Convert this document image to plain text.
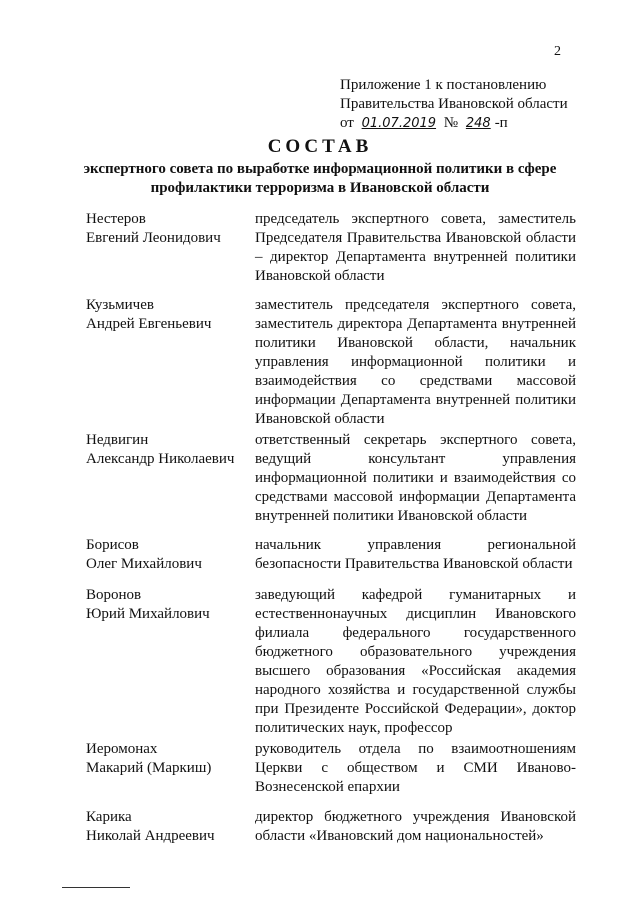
2
Приложение 1 к постановлению
Правительства Ивановской области
от 01.07.2019 № 248 -п
СОСТАВ
экспертного совета по выработке информационной политики в сфере
профилактики терроризма в Ивановской области
Нестеров
Евгений Леонидович
председатель экспертного совета, заместитель Председателя Правительства Ивановской области – директор Департамента внутренней политики Ивановской области
Кузьмичев
Андрей Евгеньевич
заместитель председателя экспертного совета, заместитель директора Департамента внутренней политики Ивановской области, начальник управления информационной политики и взаимодействия со средствами массовой информации Департамента внутренней политики Ивановской области
Недвигин
Александр Николаевич
ответственный секретарь экспертного совета, ведущий консультант управления информационной политики и взаимодействия со средствами массовой информации Департамента внутренней политики Ивановской области
Борисов
Олег Михайлович
начальник управления региональной безопасности Правительства Ивановской области
Воронов
Юрий Михайлович
заведующий кафедрой гуманитарных и естественнонаучных дисциплин Ивановского филиала федерального государственного бюджетного образовательного учреждения высшего образования «Российская академия народного хозяйства и государственной службы при Президенте Российской Федерации», доктор политических наук, профессор
Иеромонах
Макарий (Маркиш)
руководитель отдела по взаимоотношениям Церкви с обществом и СМИ Иваново-Вознесенской епархии
Карика
Николай Андреевич
директор бюджетного учреждения Ивановской области «Ивановский дом национальностей»
